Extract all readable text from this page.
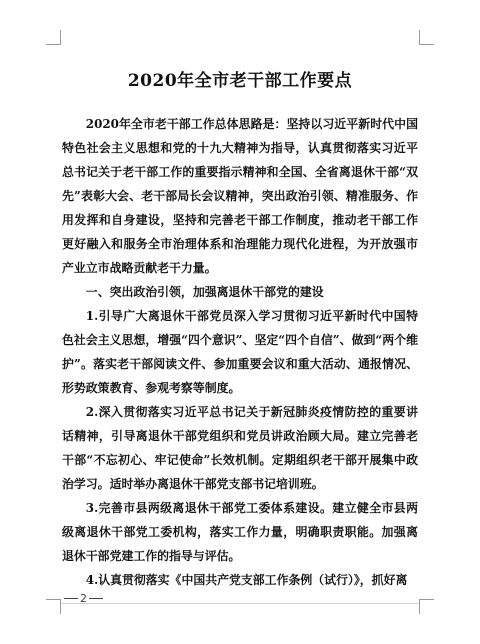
2020年全市老干部工作要点

2020年全市老干部工作总体思路是：坚持以习近平新时代中国特色社会主义思想和党的十九大精神为指导，认真贯彻落实习近平总书记关于老干部工作的重要指示精神和全国、全省离退休干部“双先”表彰大会、老干部局长会议精神，突出政治引领、精准服务、作用发挥和自身建设，坚持和完善老干部工作制度，推动老干部工作更好融入和服务全市治理体系和治理能力现代化进程，为开放强市产业立市战略贡献老干力量。

一、突出政治引领，加强离退休干部党的建设

1.引导广大离退休干部党员深入学习贯彻习近平新时代中国特色社会主义思想，增强“四个意识”、坚定“四个自信”、做到“两个维护”。落实老干部阅读文件、参加重要会议和重大活动、通报情况、形势政策教育、参观考察等制度。

2.深入贯彻落实习近平总书记关于新冠肺炎疫情防控的重要讲话精神，引导离退休干部党组织和党员讲政治顾大局。建立完善老干部“不忘初心、牢记使命”长效机制。定期组织老干部开展集中政治学习。适时举办离退休干部党支部书记培训班。

3.完善市县两级离退休干部党工委体系建设。建立健全市县两级离退休干部党工委机构，落实工作力量，明确职责职能。加强离退休干部党建工作的指导与评估。

4.认真贯彻落实《中国共产党支部工作条例（试行）》，抓好离

2
